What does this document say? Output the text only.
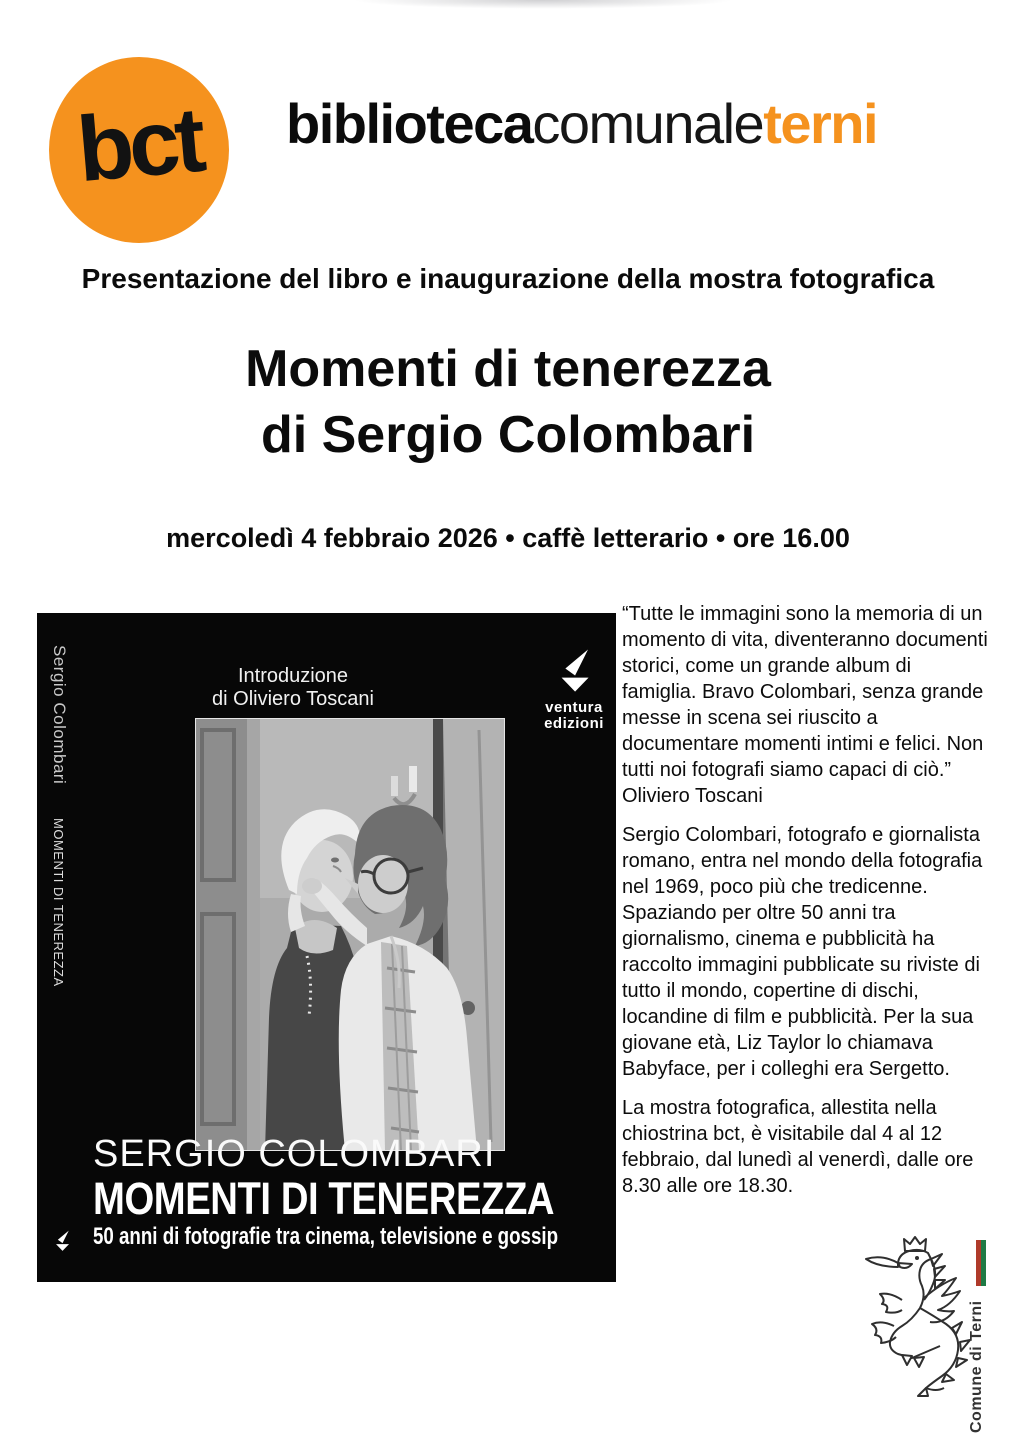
bct bibliotecacomunaleterni
Presentazione del libro e inaugurazione della mostra fotografica
Momenti di tenerezza
di Sergio Colombari
mercoledì 4 febbraio 2026 • caffè letterario • ore 16.00
Sergio Colombari
MOMENTI DI TENEREZZA
Introduzione
di Oliviero Toscani	ventura
edizioni
SERGIO COLOMBARI
MOMENTI DI TENEREZZA
50 anni di fotografie tra cinema, televisione e gossip

“Tutte le immagini sono la memoria di un momento di vita, diventeranno documenti storici, come un grande album di famiglia. Bravo Colombari, senza grande messe in scena sei riuscito a documentare momenti intimi e felici. Non tutti noi fotografi siamo capaci di ciò.” Oliviero Toscani

Sergio Colombari, fotografo e giornalista romano, entra nel mondo della fotografia nel 1969, poco più che tredicenne. Spaziando per oltre 50 anni tra giornalismo, cinema e pubblicità ha raccolto immagini pubblicate su riviste di tutto il mondo, copertine di dischi, locandine di film e pubblicità. Per la sua giovane età, Liz Taylor lo chiamava Babyface, per i colleghi era Sergetto.

La mostra fotografica, allestita nella chiostrina bct, è visitabile dal 4 al 12 febbraio, dal lunedì al venerdì, dalle ore 8.30 alle ore 18.30.

Comune di Terni
